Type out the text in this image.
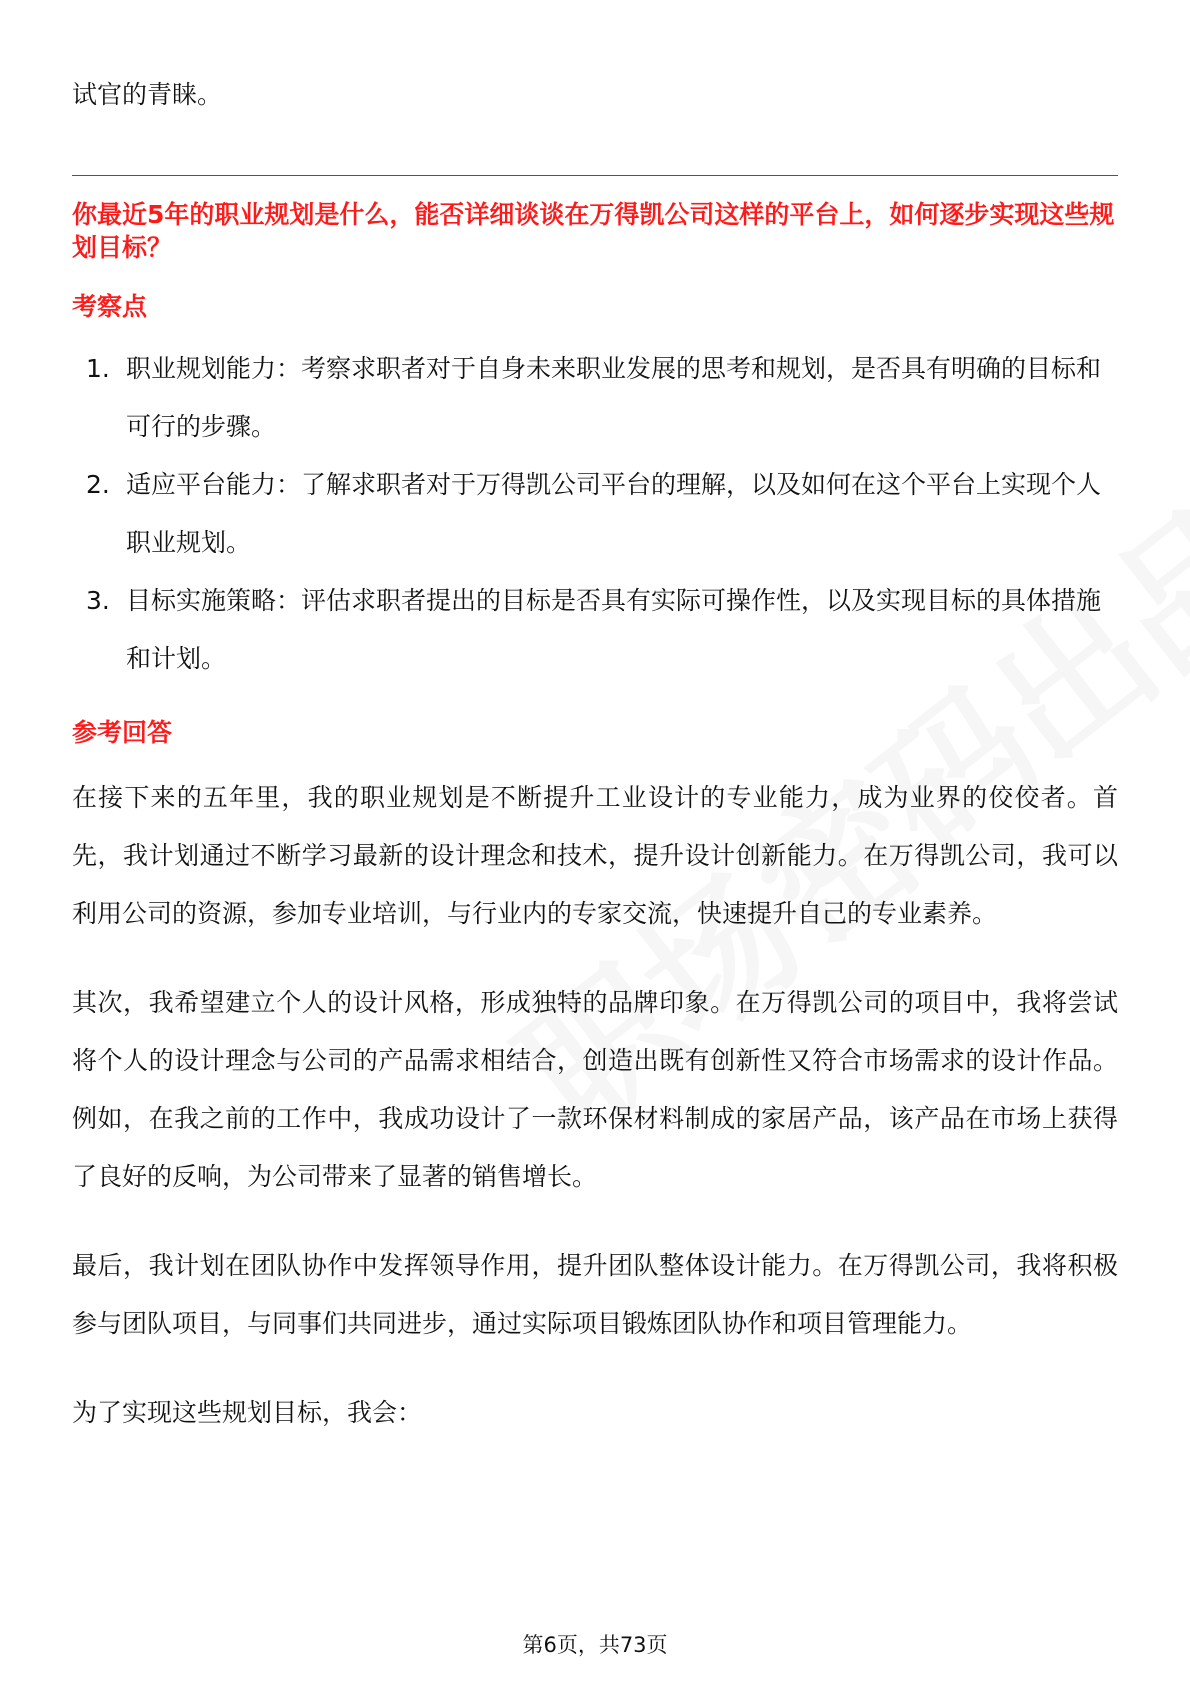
试官的青睐。

你最近5年的职业规划是什么，能否详细谈谈在万得凯公司这样的平台上，如何逐步实现这些规划目标？
考察点
1. 职业规划能力：考察求职者对于自身未来职业发展的思考和规划，是否具有明确的目标和可行的步骤。
2. 适应平台能力：了解求职者对于万得凯公司平台的理解，以及如何在这个平台上实现个人职业规划。
3. 目标实施策略：评估求职者提出的目标是否具有实际可操作性，以及实现目标的具体措施和计划。
参考回答

在接下来的五年里，我的职业规划是不断提升工业设计的专业能力，成为业界的佼佼者。首先，我计划通过不断学习最新的设计理念和技术，提升设计创新能力。在万得凯公司，我可以利用公司的资源，参加专业培训，与行业内的专家交流，快速提升自己的专业素养。

其次，我希望建立个人的设计风格，形成独特的品牌印象。在万得凯公司的项目中，我将尝试将个人的设计理念与公司的产品需求相结合，创造出既有创新性又符合市场需求的设计作品。例如，在我之前的工作中，我成功设计了一款环保材料制成的家居产品，该产品在市场上获得了良好的反响，为公司带来了显著的销售增长。

最后，我计划在团队协作中发挥领导作用，提升团队整体设计能力。在万得凯公司，我将积极参与团队项目，与同事们共同进步，通过实际项目锻炼团队协作和项目管理能力。

为了实现这些规划目标，我会：

第6页，共73页
